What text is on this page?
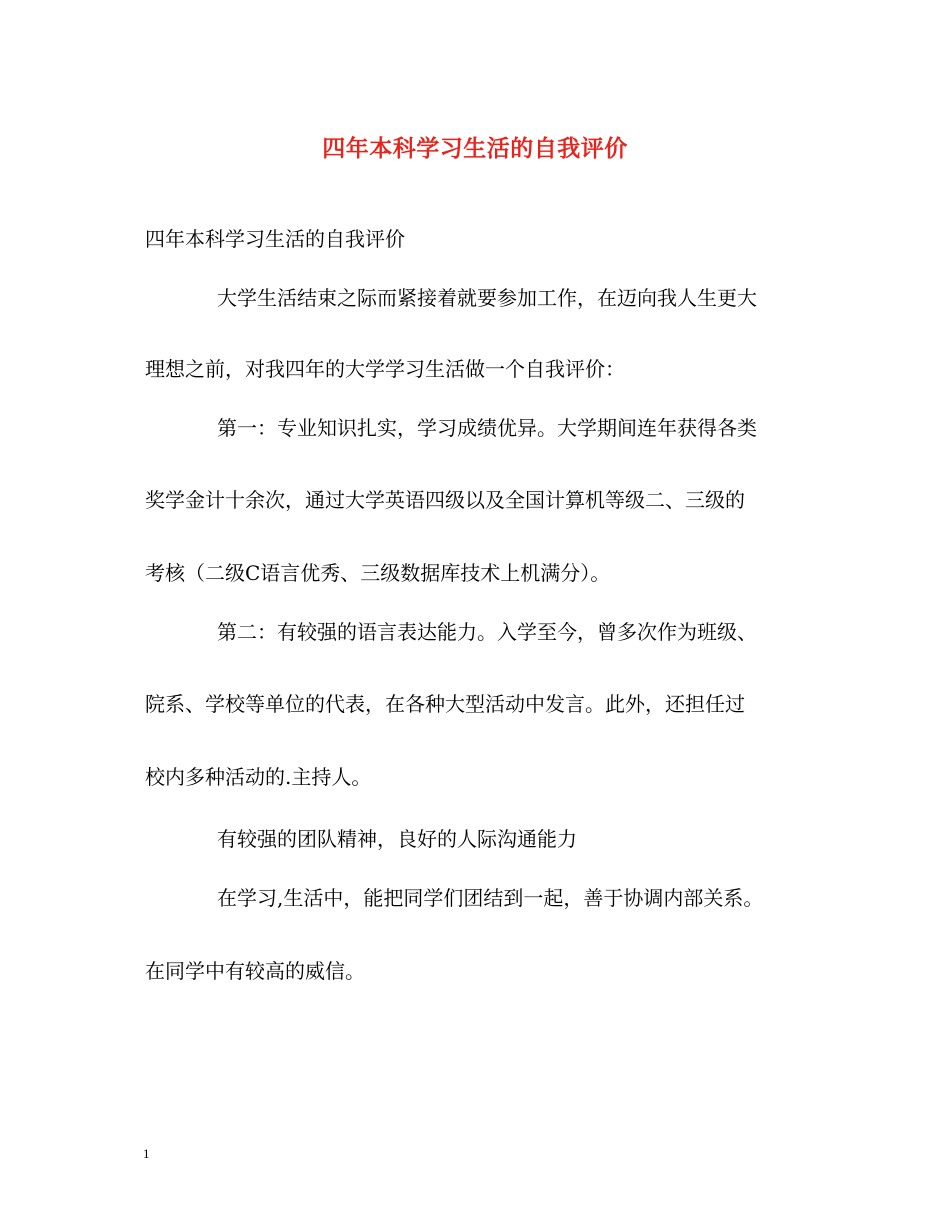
四年本科学习生活的自我评价
四年本科学习生活的自我评价
大学生活结束之际而紧接着就要参加工作，在迈向我人生更大
理想之前，对我四年的大学学习生活做一个自我评价：
第一：专业知识扎实，学习成绩优异。大学期间连年获得各类
奖学金计十余次，通过大学英语四级以及全国计算机等级二、三级的
考核（二级C语言优秀、三级数据库技术上机满分）。
第二：有较强的语言表达能力。入学至今，曾多次作为班级、
院系、学校等单位的代表，在各种大型活动中发言。此外，还担任过
校内多种活动的.主持人。
有较强的团队精神，良好的人际沟通能力
在学习,生活中，能把同学们团结到一起，善于协调内部关系。
在同学中有较高的威信。
1
